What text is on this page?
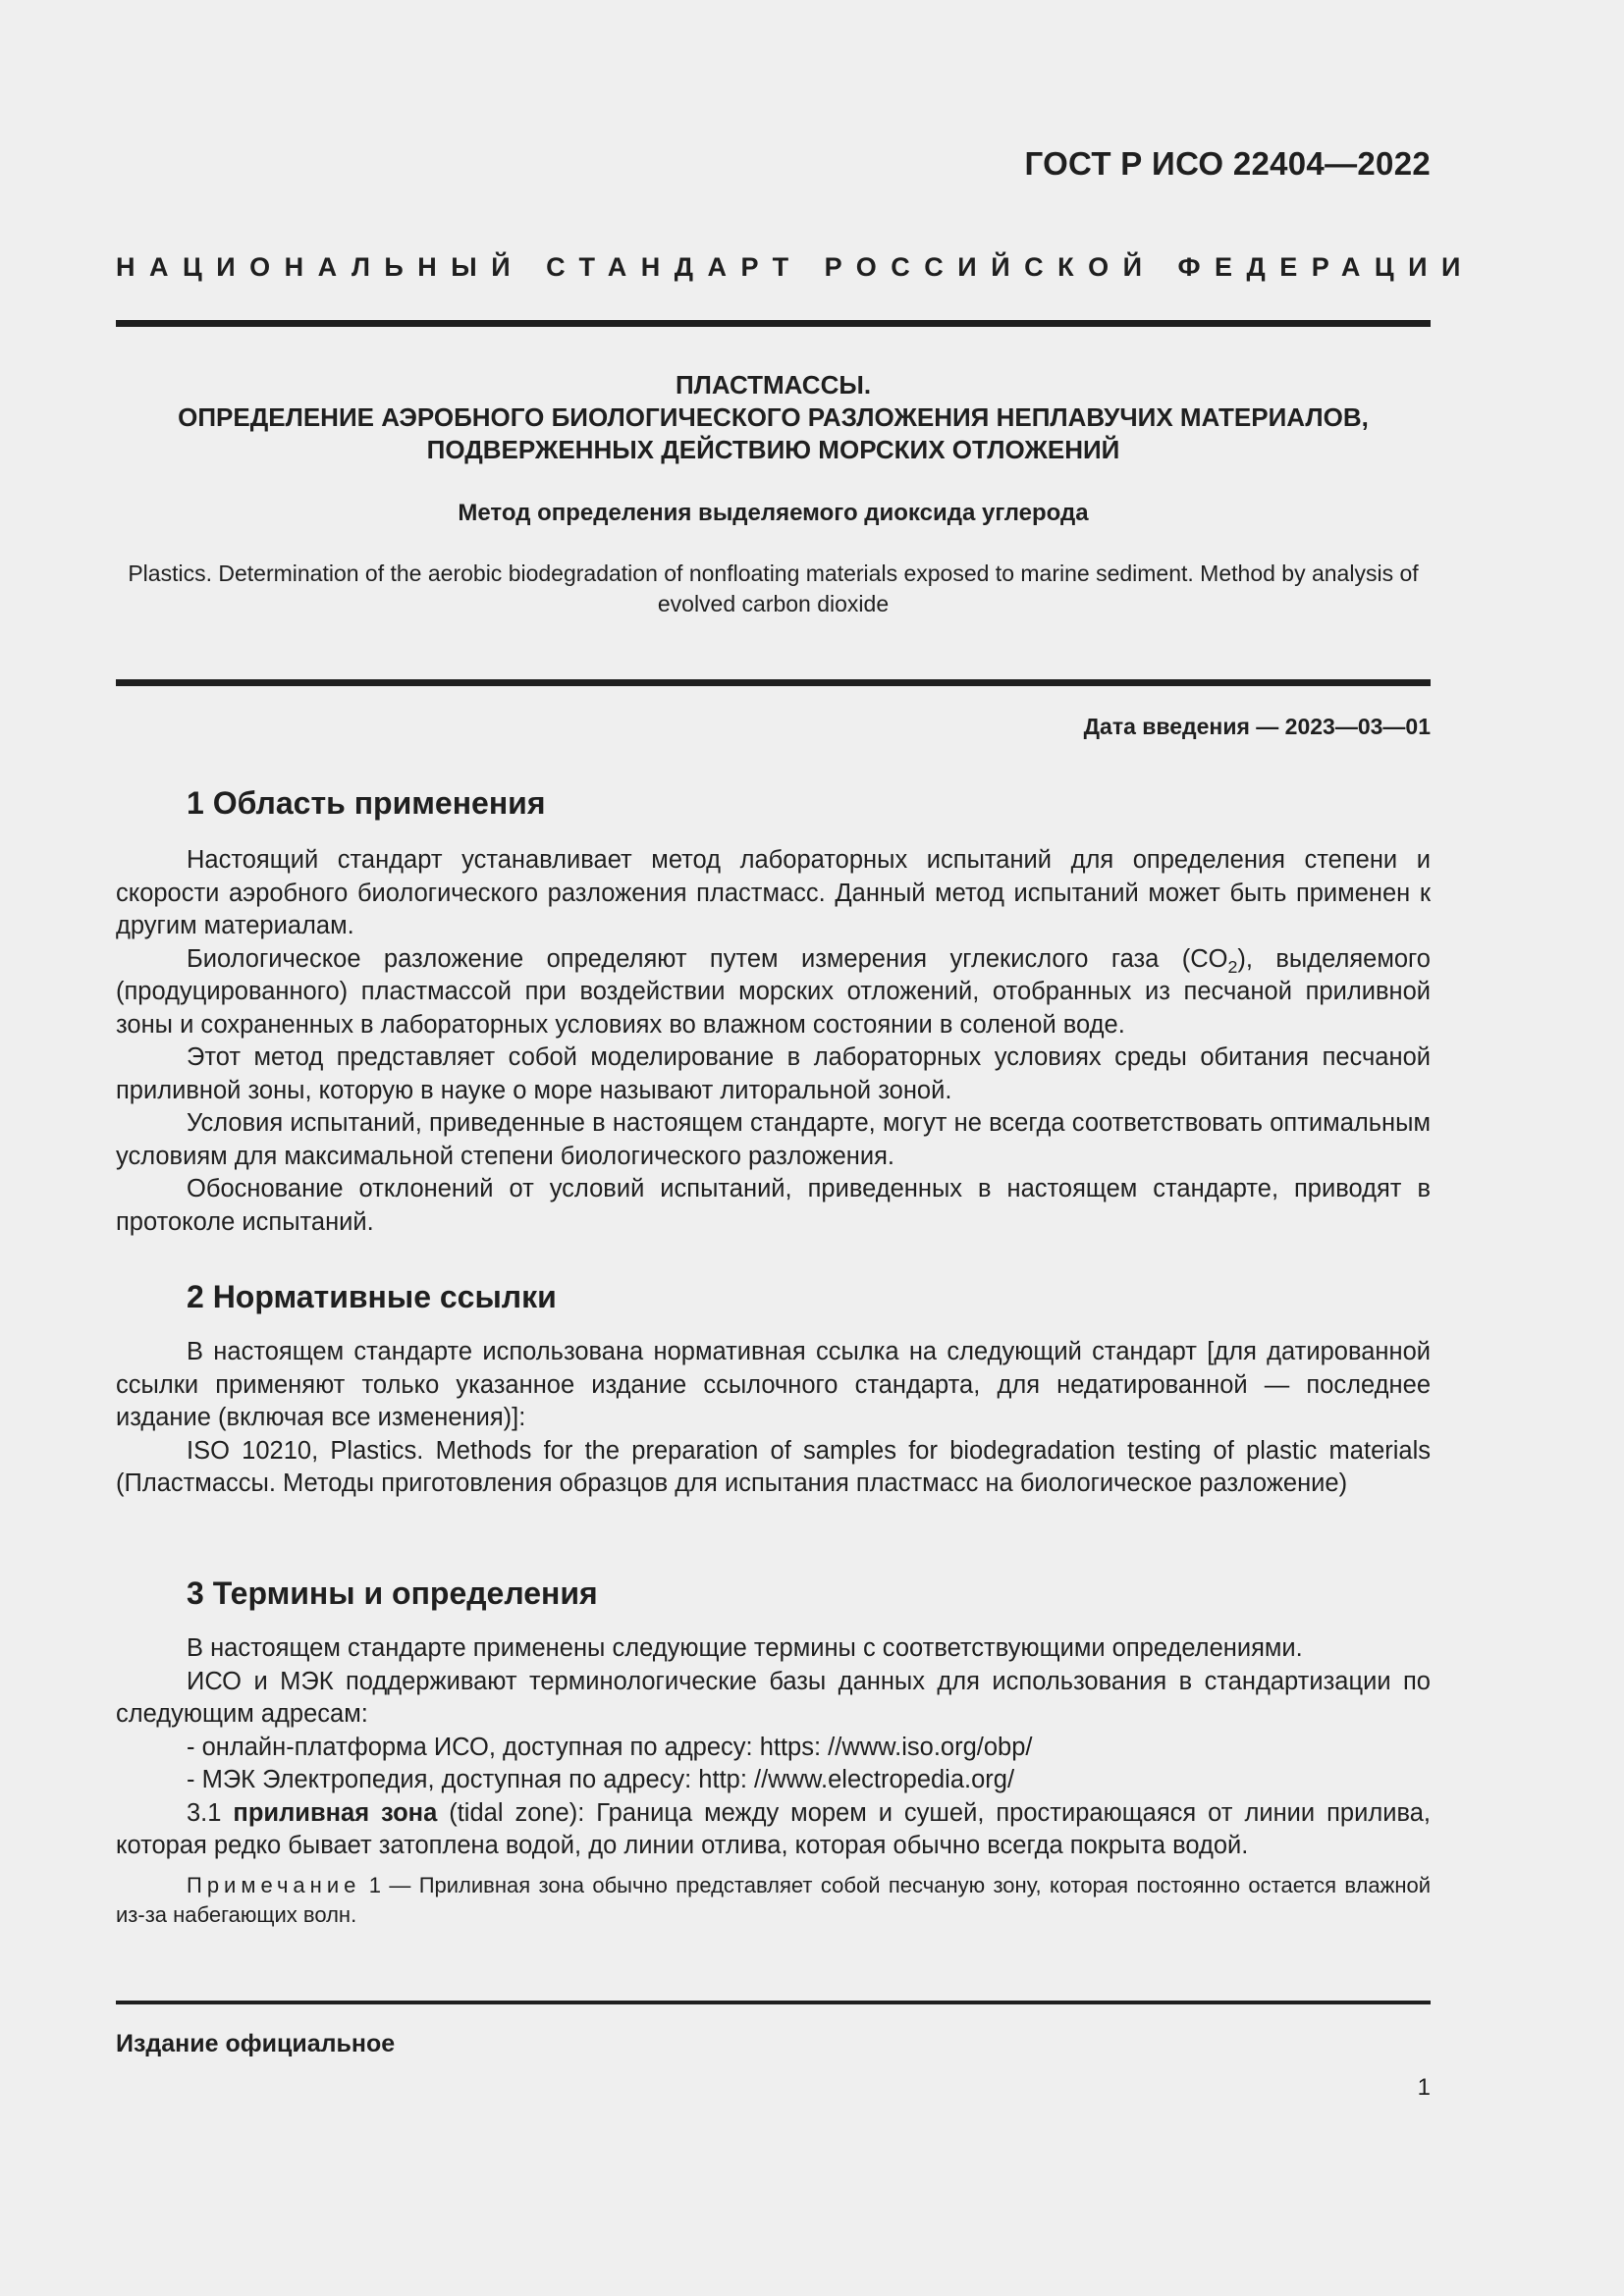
ГОСТ Р ИСО 22404—2022
НАЦИОНАЛЬНЫЙ СТАНДАРТ РОССИЙСКОЙ ФЕДЕРАЦИИ
ПЛАСТМАССЫ.
ОПРЕДЕЛЕНИЕ АЭРОБНОГО БИОЛОГИЧЕСКОГО РАЗЛОЖЕНИЯ НЕПЛАВУЧИХ МАТЕРИАЛОВ,
ПОДВЕРЖЕННЫХ ДЕЙСТВИЮ МОРСКИХ ОТЛОЖЕНИЙ
Метод определения выделяемого диоксида углерода
Plastics. Determination of the aerobic biodegradation of nonfloating materials exposed to marine sediment. Method by analysis of evolved carbon dioxide
Дата введения — 2023—03—01
1 Область применения

Настоящий стандарт устанавливает метод лабораторных испытаний для определения степени и скорости аэробного биологического разложения пластмасс. Данный метод испытаний может быть применен к другим материалам.

Биологическое разложение определяют путем измерения углекислого газа $(CO_2)$, выделяемого (продуцированного) пластмассой при воздействии морских отложений, отобранных из песчаной приливной зоны и сохраненных в лабораторных условиях во влажном состоянии в соленой воде.

Этот метод представляет собой моделирование в лабораторных условиях среды обитания песчаной приливной зоны, которую в науке о море называют литоральной зоной.

Условия испытаний, приведенные в настоящем стандарте, могут не всегда соответствовать оптимальным условиям для максимальной степени биологического разложения.

Обоснование отклонений от условий испытаний, приведенных в настоящем стандарте, приводят в протоколе испытаний.

2 Нормативные ссылки

В настоящем стандарте использована нормативная ссылка на следующий стандарт [для датированной ссылки применяют только указанное издание ссылочного стандарта, для недатированной — последнее издание (включая все изменения)]:

ISO 10210, Plastics. Methods for the preparation of samples for biodegradation testing of plastic materials (Пластмассы. Методы приготовления образцов для испытания пластмасс на биологическое разложение)

3 Термины и определения

В настоящем стандарте применены следующие термины с соответствующими определениями.

ИСО и МЭК поддерживают терминологические базы данных для использования в стандартизации по следующим адресам:

- онлайн-платформа ИСО, доступная по адресу: https: //www.iso.org/obp/

- МЭК Электропедия, доступная по адресу: http: //www.electropedia.org/

3.1 приливная зона (tidal zone): Граница между морем и сушей, простирающаяся от линии прилива, которая редко бывает затоплена водой, до линии отлива, которая обычно всегда покрыта водой.

Примечание 1 — Приливная зона обычно представляет собой песчаную зону, которая постоянно остается влажной из-за набегающих волн.

Издание официальное
1
